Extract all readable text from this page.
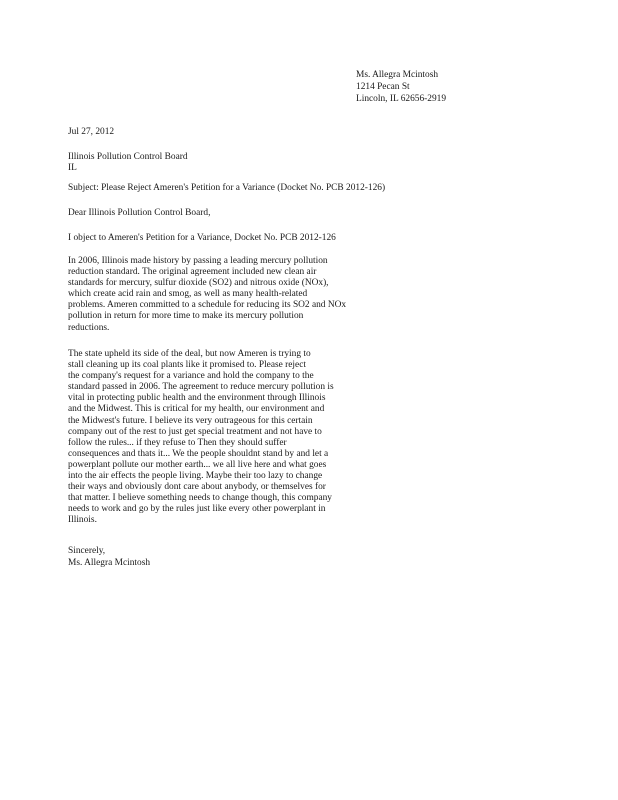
Ms. Allegra Mcintosh
1214 Pecan St
Lincoln, IL 62656-2919
Jul 27, 2012
Illinois Pollution Control Board
IL
Subject: Please Reject Ameren's Petition for a Variance (Docket No. PCB 2012-126)
Dear Illinois Pollution Control Board,
I object to Ameren's Petition for a Variance, Docket No. PCB 2012-126
In 2006, Illinois made history by passing a leading mercury pollution
reduction standard. The original agreement included new clean air
standards for mercury, sulfur dioxide (SO2) and nitrous oxide (NOx),
which create acid rain and smog, as well as many health-related
problems. Ameren committed to a schedule for reducing its SO2 and NOx
pollution in return for more time to make its mercury pollution
reductions.
The state upheld its side of the deal, but now Ameren is trying to
stall cleaning up its coal plants like it promised to. Please reject
the company's request for a variance and hold the company to the
standard passed in 2006. The agreement to reduce mercury pollution is
vital in protecting public health and the environment through Illinois
and the Midwest. This is critical for my health, our environment and
the Midwest's future. I believe its very outrageous for this certain
company out of the rest to just get special treatment and not have to
follow the rules... if they refuse to Then they should suffer
consequences and thats it... We the people shouldnt stand by and let a
powerplant pollute our mother earth... we all live here and what goes
into the air effects the people living. Maybe their too lazy to change
their ways and obviously dont care about anybody, or themselves for
that matter. I believe something needs to change though, this company
needs to work and go by the rules just like every other powerplant in
Illinois.
Sincerely,
Ms. Allegra Mcintosh
